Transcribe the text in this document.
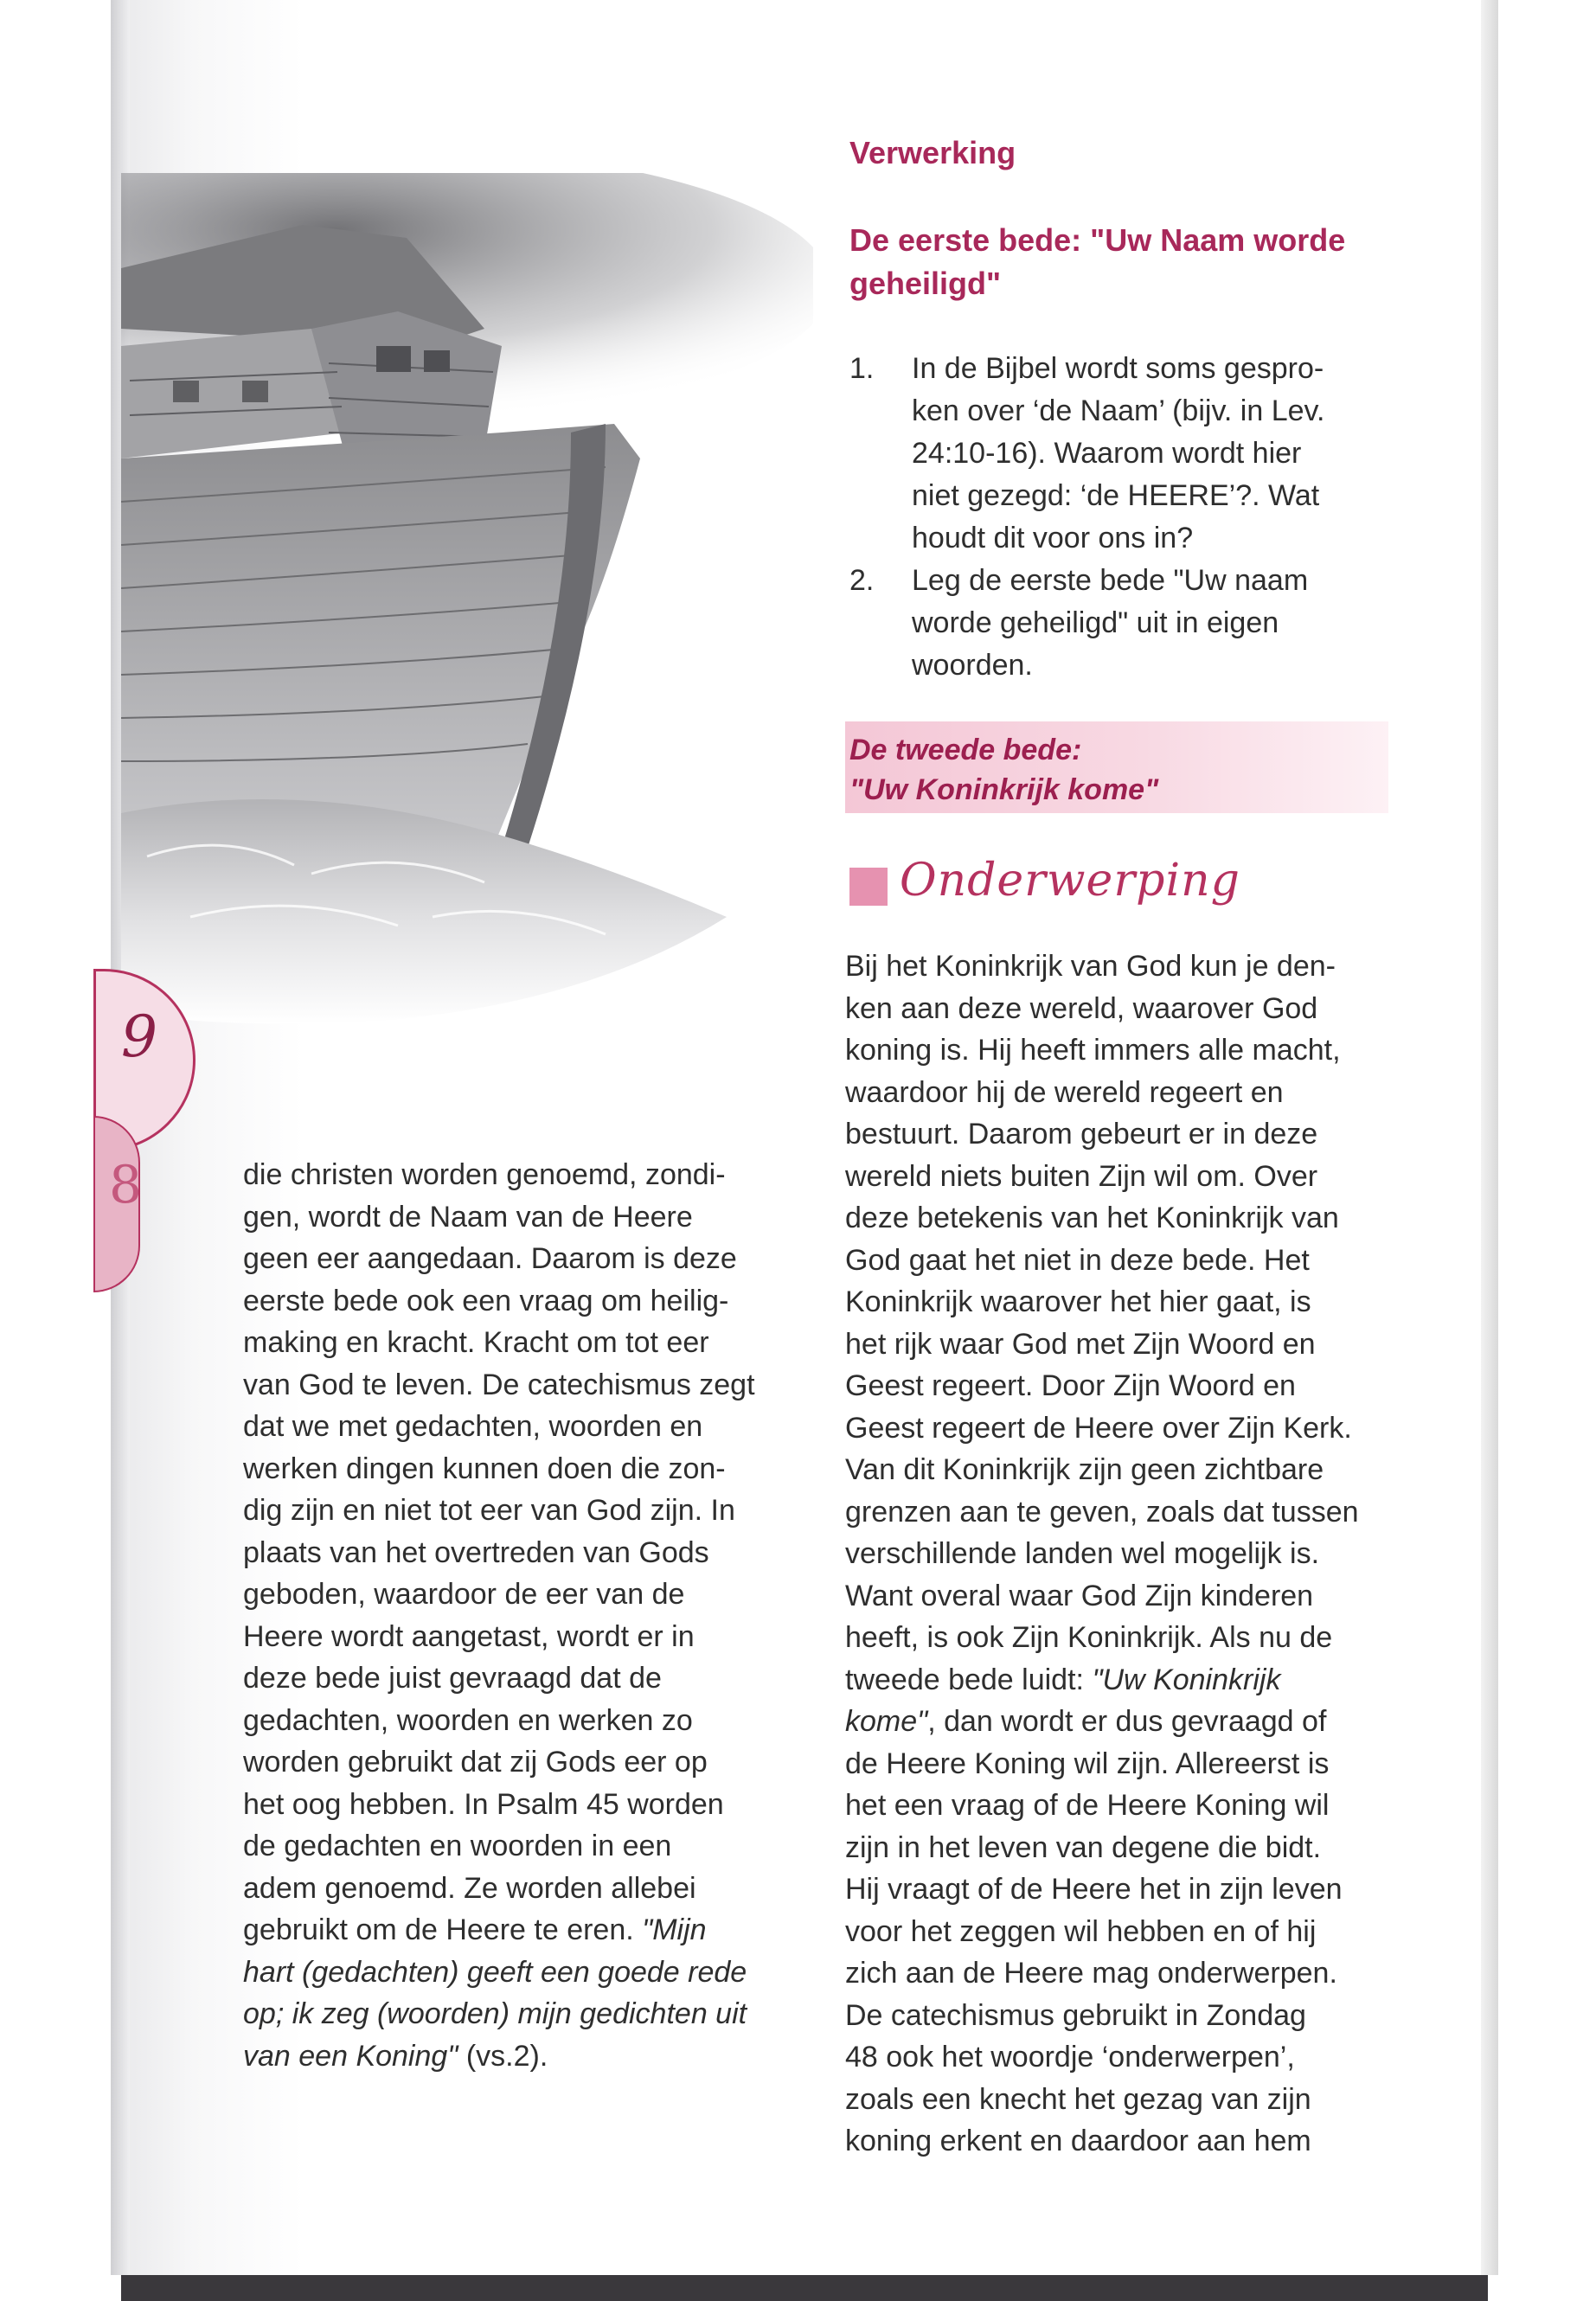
9
8
Verwerking
De eerste bede: "Uw Naam worde
geheiligd"
1. In de Bijbel wordt soms gespro-
ken over ‘de Naam’ (bijv. in Lev.
24:10-16). Waarom wordt hier
niet gezegd: ‘de HEERE’?. Wat
houdt dit voor ons in?
2. Leg de eerste bede "Uw naam
worde geheiligd" uit in eigen
woorden.
De tweede bede:
"Uw Koninkrijk kome"
Onderwerping
die christen worden genoemd, zondi-
gen, wordt de Naam van de Heere
geen eer aangedaan. Daarom is deze
eerste bede ook een vraag om heilig-
making en kracht. Kracht om tot eer
van God te leven. De catechismus zegt
dat we met gedachten, woorden en
werken dingen kunnen doen die zon-
dig zijn en niet tot eer van God zijn. In
plaats van het overtreden van Gods
geboden, waardoor de eer van de
Heere wordt aangetast, wordt er in
deze bede juist gevraagd dat de
gedachten, woorden en werken zo
worden gebruikt dat zij Gods eer op
het oog hebben. In Psalm 45 worden
de gedachten en woorden in een
adem genoemd. Ze worden allebei
gebruikt om de Heere te eren. "Mijn
hart (gedachten) geeft een goede rede
op; ik zeg (woorden) mijn gedichten uit
van een Koning" (vs.2).
Bij het Koninkrijk van God kun je den-
ken aan deze wereld, waarover God
koning is. Hij heeft immers alle macht,
waardoor hij de wereld regeert en
bestuurt. Daarom gebeurt er in deze
wereld niets buiten Zijn wil om. Over
deze betekenis van het Koninkrijk van
God gaat het niet in deze bede. Het
Koninkrijk waarover het hier gaat, is
het rijk waar God met Zijn Woord en
Geest regeert. Door Zijn Woord en
Geest regeert de Heere over Zijn Kerk.
Van dit Koninkrijk zijn geen zichtbare
grenzen aan te geven, zoals dat tussen
verschillende landen wel mogelijk is.
Want overal waar God Zijn kinderen
heeft, is ook Zijn Koninkrijk. Als nu de
tweede bede luidt: "Uw Koninkrijk
kome", dan wordt er dus gevraagd of
de Heere Koning wil zijn. Allereerst is
het een vraag of de Heere Koning wil
zijn in het leven van degene die bidt.
Hij vraagt of de Heere het in zijn leven
voor het zeggen wil hebben en of hij
zich aan de Heere mag onderwerpen.
De catechismus gebruikt in Zondag
48 ook het woordje ‘onderwerpen’,
zoals een knecht het gezag van zijn
koning erkent en daardoor aan hem
